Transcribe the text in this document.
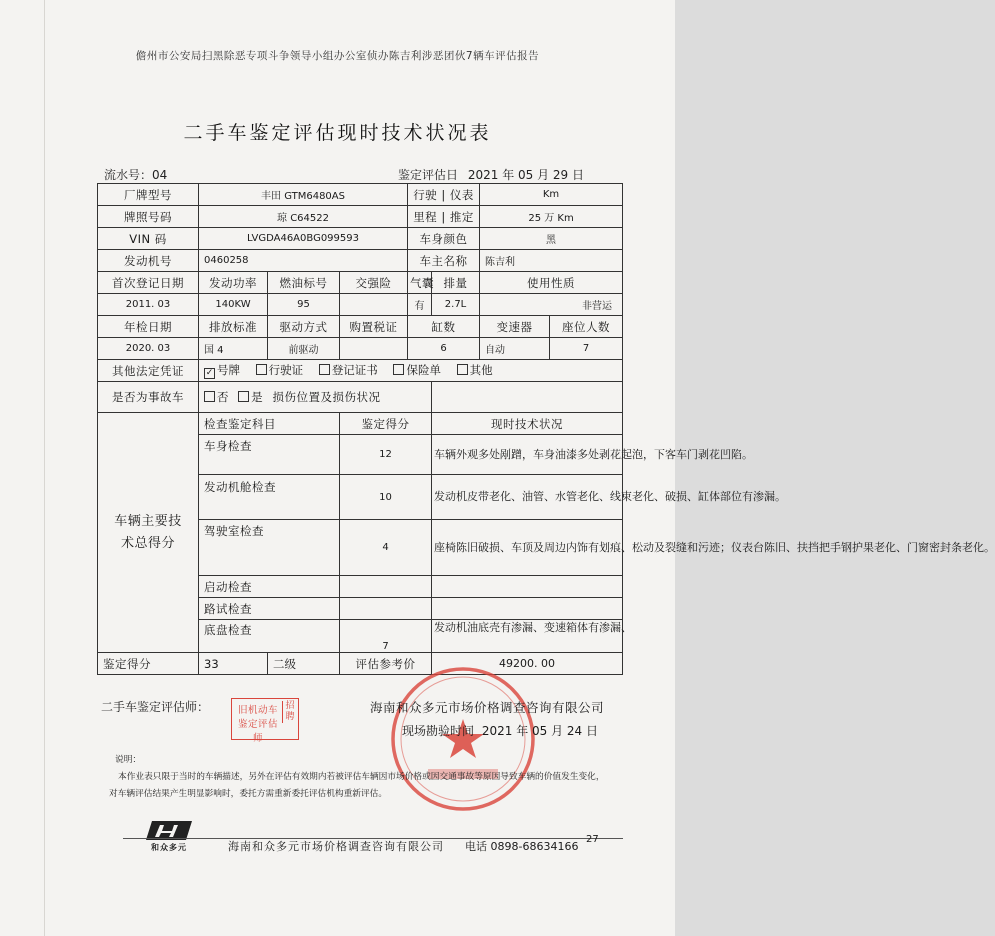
儋州市公安局扫黑除恶专项斗争领导小组办公室侦办陈吉利涉恶团伙7辆车评估报告
二手车鉴定评估现时技术状况表
流水号：04	鉴定评估日 2021 年 05 月 29 日
厂牌型号	丰田 GTM6480AS			行驶 | 仪表		Km	
牌照号码	琼 C64522			里程 | 推定		25 万 Km	
VIN 码	LVGDA46A0BG099593			车身颜色		黑	
发动机号	0460258			车主名称		陈吉利	
首次登记日期	发动功率	燃油标号	交强险	气囊	排量	使用性质	
2011. 03	140KW	95		有	2.7L	非营运	
年检日期	排放标准	驱动方式	购置税证	缸数		变速器	座位人数
2020. 03	国 4	前驱动		6		自动	7
其他法定凭证	✓ 号牌 行驶证 登记证书 保险单 其他						
是否为事故车	否 是	损伤位置及损伤状况					
车辆主要技术总得分	检查鉴定科目		鉴定得分		现时技术状况		
	车身检查		12		车辆外观多处剐蹭，车身油漆多处剥花起泡，下客车门剥花凹陷。		
	发动机舱检查		10		发动机皮带老化、油管、水管老化、线束老化、破损、缸体部位有渗漏。		
	驾驶室检查		4		座椅陈旧破损、车顶及周边内饰有划痕、松动及裂缝和污迹；仪表台陈旧、扶挡把手钢护果老化、门窗密封条老化。		
	启动检查						
	路试检查						
	底盘检查		7		发动机油底壳有渗漏、变速箱体有渗漏、		
鉴定得分	33	二级	评估参考价		49200. 00		
二手车鉴定评估师：	旧机动车鉴定评估师
招聘
海南和众多元市场价格调查咨询有限公司
现场勘验时间 2021 年 05 月 24 日
说明：
本作业表只限于当时的车辆描述，另外在评估有效期内若被评估车辆因市场价格或因交通事故等原因导致车辆的价值发生变化，对车辆评估结果产生明显影响时，委托方需重新委托评估机构重新评估。
和众多元	海南和众多元市场价格调查咨询有限公司 电话 0898-68634166
27
